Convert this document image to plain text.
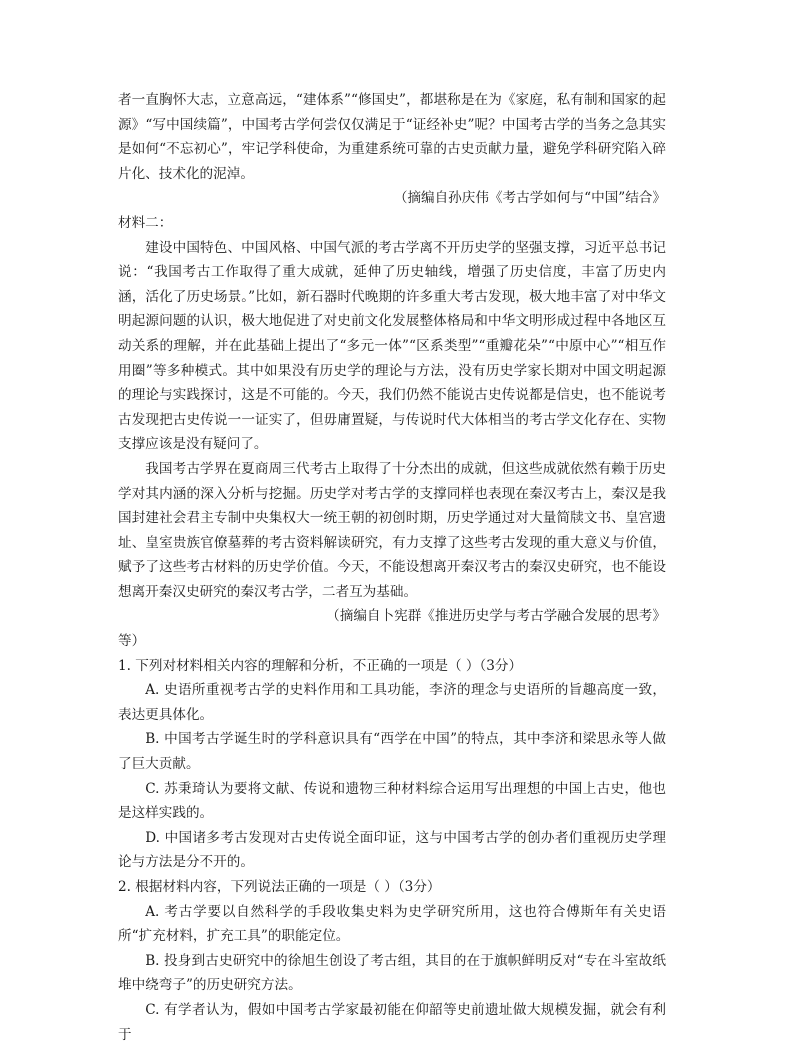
者一直胸怀大志，立意高远，“建体系”“修国史”，都堪称是在为《家庭，私有制和国家的起源》“写中国续篇”，中国考古学何尝仅仅满足于“证经补史”呢？中国考古学的当务之急其实是如何“不忘初心”，牢记学科使命，为重建系统可靠的古史贡献力量，避免学科研究陷入碎片化、技术化的泥淖。

（摘编自孙庆伟《考古学如何与“中国”结合》

材料二：

建设中国特色、中国风格、中国气派的考古学离不开历史学的坚强支撑，习近平总书记说：“我国考古工作取得了重大成就，延伸了历史轴线，增强了历史信度，丰富了历史内涵，活化了历史场景。”比如，新石器时代晚期的许多重大考古发现，极大地丰富了对中华文明起源问题的认识，极大地促进了对史前文化发展整体格局和中华文明形成过程中各地区互动关系的理解，并在此基础上提出了“多元一体”“区系类型”“重瓣花朵”“中原中心”“相互作用圈”等多种模式。其中如果没有历史学的理论与方法，没有历史学家长期对中国文明起源的理论与实践探讨，这是不可能的。今天，我们仍然不能说古史传说都是信史，也不能说考古发现把古史传说一一证实了，但毋庸置疑，与传说时代大体相当的考古学文化存在、实物支撑应该是没有疑问了。

我国考古学界在夏商周三代考古上取得了十分杰出的成就，但这些成就依然有赖于历史学对其内涵的深入分析与挖掘。历史学对考古学的支撑同样也表现在秦汉考古上，秦汉是我国封建社会君主专制中央集权大一统王朝的初创时期，历史学通过对大量简牍文书、皇宫遗址、皇室贵族官僚墓葬的考古资料解读研究，有力支撑了这些考古发现的重大意义与价值，赋予了这些考古材料的历史学价值。今天，不能设想离开秦汉考古的秦汉史研究，也不能设想离开秦汉史研究的秦汉考古学，二者互为基础。

（摘编自卜宪群《推进历史学与考古学融合发展的思考》

等）

1. 下列对材料相关内容的理解和分析，不正确的一项是（ ）（3分）

A. 史语所重视考古学的史料作用和工具功能，李济的理念与史语所的旨趣高度一致，表达更具体化。

B. 中国考古学诞生时的学科意识具有“西学在中国”的特点，其中李济和梁思永等人做了巨大贡献。

C. 苏秉琦认为要将文献、传说和遗物三种材料综合运用写出理想的中国上古史，他也是这样实践的。

D. 中国诸多考古发现对古史传说全面印证，这与中国考古学的创办者们重视历史学理论与方法是分不开的。

2. 根据材料内容，下列说法正确的一项是（ ）（3分）

A. 考古学要以自然科学的手段收集史料为史学研究所用，这也符合傅斯年有关史语所“扩充材料，扩充工具”的职能定位。

B. 投身到古史研究中的徐旭生创设了考古组，其目的在于旗帜鲜明反对“专在斗室故纸堆中绕弯子”的历史研究方法。

C. 有学者认为，假如中国考古学家最初能在仰韶等史前遗址做大规模发掘，就会有利于
